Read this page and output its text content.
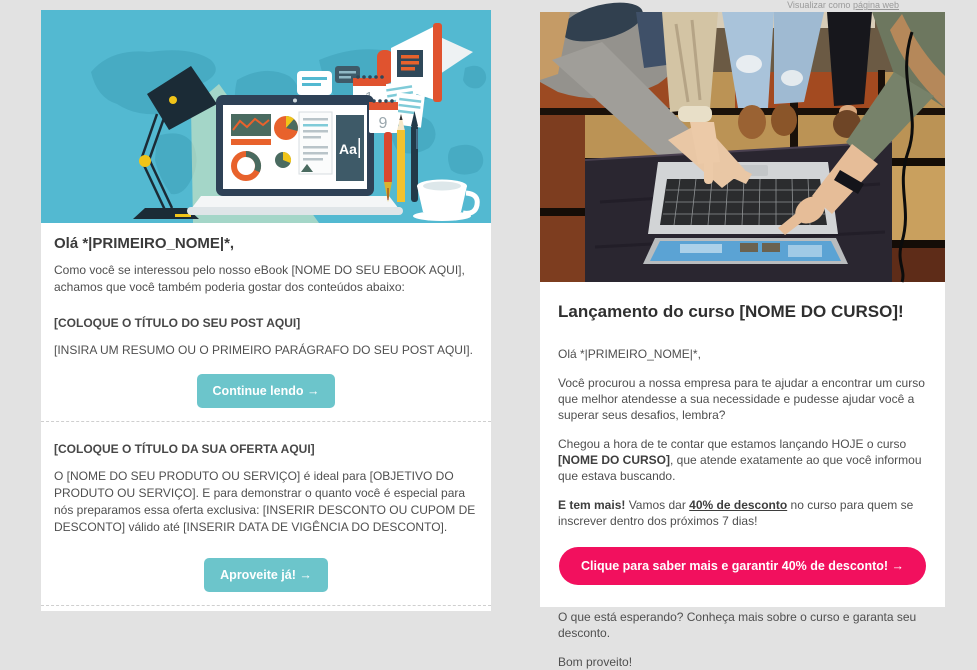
Aa
9
Olá *|PRIMEIRO_NOME|*,

Como você se interessou pelo nosso eBook [NOME DO SEU EBOOK AQUI], achamos que você também poderia gostar dos conteúdos abaixo:

[COLOQUE O TÍTULO DO SEU POST AQUI]

[INSIRA UM RESUMO OU O PRIMEIRO PARÁGRAFO DO SEU POST AQUI].

Continue lendo →

[COLOQUE O TÍTULO DA SUA OFERTA AQUI]

O [NOME DO SEU PRODUTO OU SERVIÇO] é ideal para [OBJETIVO DO PRODUTO OU SERVIÇO]. E para demonstrar o quanto você é especial para nós preparamos essa oferta exclusiva: [INSERIR DESCONTO OU CUPOM DE DESCONTO] válido até [INSERIR DATA DE VIGÊNCIA DO DESCONTO].

Aproveite já! →
Visualizar como página web
Lançamento do curso [NOME DO CURSO]!

Olá *|PRIMEIRO_NOME|*,

Você procurou a nossa empresa para te ajudar a encontrar um curso que melhor atendesse a sua necessidade e pudesse ajudar você a superar seus desafios, lembra?

Chegou a hora de te contar que estamos lançando HOJE o curso [NOME DO CURSO], que atende exatamente ao que você informou que estava buscando.

E tem mais! Vamos dar 40% de desconto no curso para quem se inscrever dentro dos próximos 7 dias!

Clique para saber mais e garantir 40% de desconto! →

O que está esperando? Conheça mais sobre o curso e garanta seu desconto.

Bom proveito!
